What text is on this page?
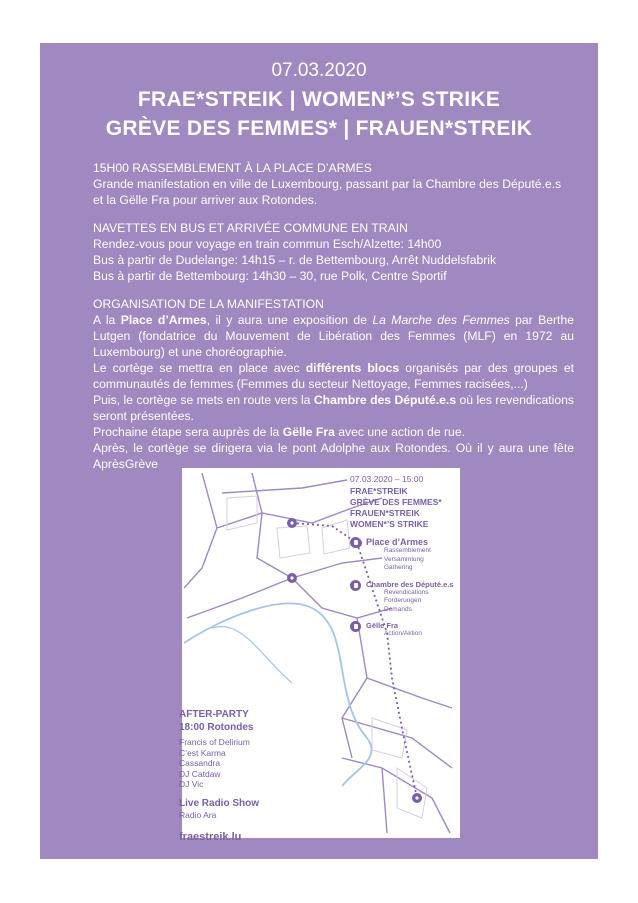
07.03.2020
FRAE*STREIK | WOMEN*’S STRIKE
GRÈVE DES FEMMES* | FRAUEN*STREIK

15H00 RASSEMBLEMENT À LA PLACE D’ARMES
Grande manifestation en ville de Luxembourg, passant par la Chambre des Député.e.s et la Gëlle Fra pour arriver aux Rotondes.

NAVETTES EN BUS ET ARRIVÉE COMMUNE EN TRAIN
Rendez-vous pour voyage en train commun Esch/Alzette: 14h00
Bus à partir de Dudelange: 14h15 – r. de Bettembourg, Arrêt Nuddelsfabrik
Bus à partir de Bettembourg: 14h30 – 30, rue Polk, Centre Sportif

ORGANISATION DE LA MANIFESTATION
A la Place d’Armes, il y aura une exposition de La Marche des Femmes par Berthe Lutgen (fondatrice du Mouvement de Libération des Femmes (MLF) en 1972 au Luxembourg) et une choréographie.
Le cortège se mettra en place avec différents blocs organisés par des groupes et communautés de femmes (Femmes du secteur Nettoyage, Femmes racisées,...)
Puis, le cortège se mets en route vers la Chambre des Député.e.s où les revendications seront présentées.
Prochaine étape sera auprès de la Gëlle Fra avec une action de rue.
Après, le cortège se dirigera via le pont Adolphe aux Rotondes. Où il y aura une fête AprèsGrève
07.03.2020 – 15:00
FRAE*STREIK
GRÈVE DES FEMMES*
FRAUEN*STREIK
WOMEN*’S STRIKE
Place d’Armes
Rassemblement
Versammlung
Gathering
Chambre des Député.e.s
Revendications
Forderungen
Demands
Gëlle Fra
Action/Aktion
AFTER-PARTY
18:00 Rotondes
Francis of Delirium
C’est Karma
Cassandra
DJ Catdaw
DJ Vic
Live Radio Show
Radio Ara
fraestreik.lu
